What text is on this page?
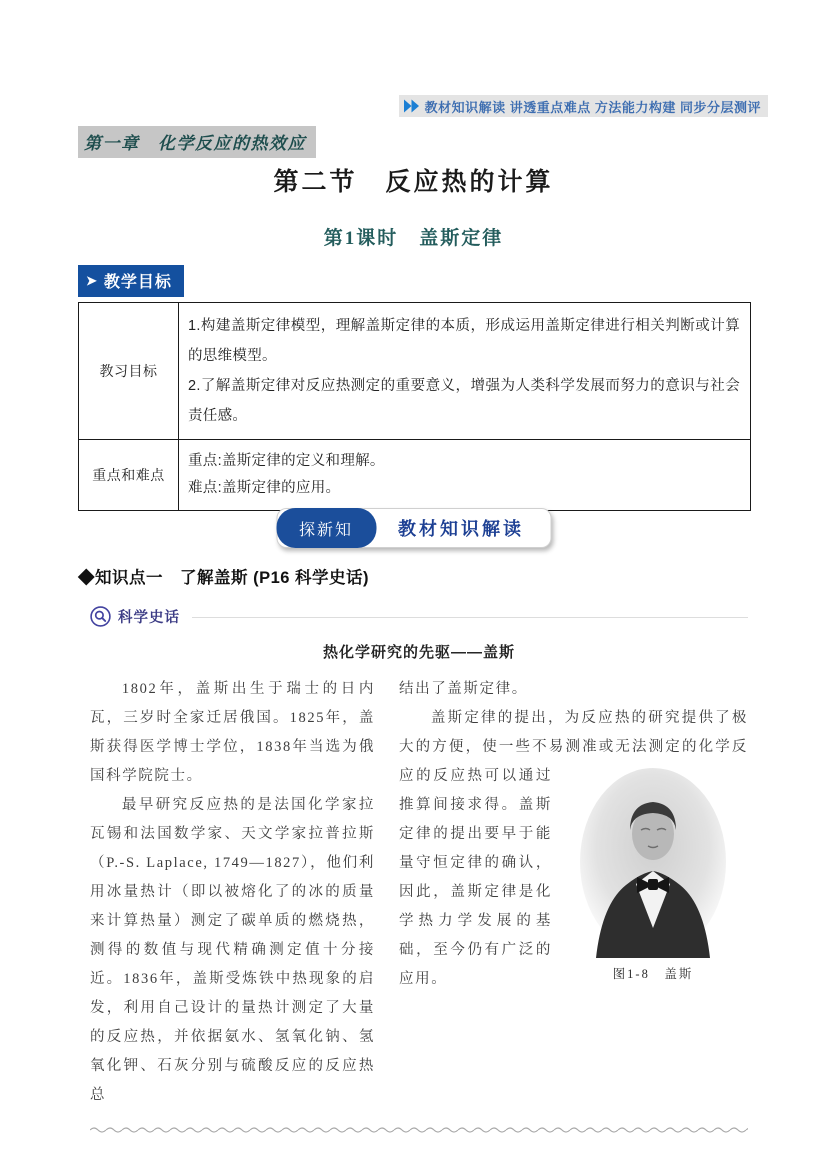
教材知识解读 讲透重点难点 方法能力构建 同步分层测评
第一章　化学反应的热效应
第二节　反应热的计算
第1课时　盖斯定律
➤ 教学目标
教习目标	1.构建盖斯定律模型，理解盖斯定律的本质，形成运用盖斯定律进行相关判断或计算的思维模型。
2.了解盖斯定律对反应热测定的重要意义，增强为人类科学发展而努力的意识与社会责任感。

重点和难点	重点:盖斯定律的定义和理解。
难点:盖斯定律的应用。
探新知	教材知识解读
◆知识点一　了解盖斯 (P16 科学史话)
科学史话
热化学研究的先驱——盖斯

1802年，盖斯出生于瑞士的日内瓦，三岁时全家迁居俄国。1825年，盖斯获得医学博士学位，1838年当选为俄国科学院院士。

最早研究反应热的是法国化学家拉瓦锡和法国数学家、天文学家拉普拉斯（P.-S. Laplace, 1749—1827），他们利用冰量热计（即以被熔化了的冰的质量来计算热量）测定了碳单质的燃烧热，测得的数值与现代精确测定值十分接近。1836年，盖斯受炼铁中热现象的启发，利用自己设计的量热计测定了大量的反应热，并依据氨水、氢氧化钠、氢氧化钾、石灰分别与硫酸反应的反应热总

结出了盖斯定律。

图1-8　盖斯
盖斯定律的提出，为反应热的研究提供了极大的方便，使一些不易测准或无法测定的化学反应的反应热可以通过推算间接求得。盖斯定律的提出要早于能量守恒定律的确认，因此，盖斯定律是化学热力学发展的基础，至今仍有广泛的应用。
